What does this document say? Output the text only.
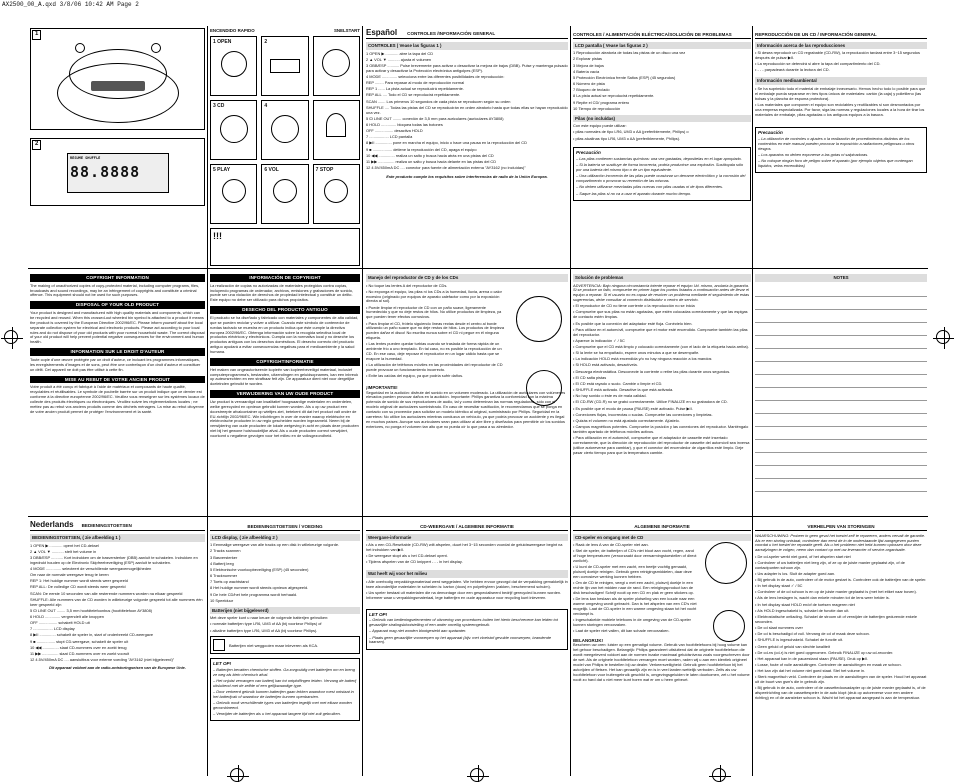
AX2500_00_A.qxd 3/8/06 10:42 AM Page 2
1
2
RESUME SHUFFLE
88.8888
ENCENDIDO RAPIDO	SNELSTART
1 OPEN	2
3 CD	4
5 PLAY	6 VOL	7 STOP
!!!
Español CONTROLES /INFORMACIÓN GENERAL
CONTROLES ( Vease las figuras 1 )
1 OPEN ▶ ............ abre la tapa del CD
2 ▲ VOL ▼ ........... ajusta el volumen
3 OBB/ESP ........... Pulse brevemente para activar o desactivar la mejora de bajos (DBB). Pulse y mantenga pulsado para activar y desactivar la Protección electrónica antigolpes (ESP).
4 MODE .............. selecciona entre las diferentes posibilidades de reproducción:
REP ........ Para repasar al modo de reproducción normal
REP 1 ...... La pista actual se reproducirá repetidamente.
REP ALL .... Todo el CD se reproducirá repetidamente.
SCAN ....... Los primeros 10 segundos de cada pista se reproducen según su orden
SHUFFLE .... Todas las pistas del CD se reproducirán en orden aleatorio hasta que todas ellas se hayan reproducido una vez.
5 ☊ LINE OUT ........ conexión de 3,5 mm para auriculares (auriculares AY3808)
6 HOLD .............. bloquea todas las botones
OFF ................. desactiva HOLD
7 .................. LCD pantalla
8 ▶II ............... pone en marcha el equipo, inicio o hace una pausa en la reproducción del CD
9 ■ .................. detiene la reproducción del CD, apaga el equipo
10 ◀◀ ............... realiza un salto y busca hacia atrás en una pistas del CD
11 ▶▶ ............... realiza un salto y busca hacia delante en las pistas del CD
12 4.5V/450mA DC .... conector para fuente de alimentación externa "AY3162 (no incluídas)"

Este producto cumple los requisitos sobre interferencias de radio de la Unión Europea.

CONTROLES / ALIMENTACIÓN ELÉCTRICA/SOLUCIÓN DE PROBLEMAS
LCD pantalla ( Vease las figuras 2 )
1 Reproducción aleatoria de todas las pistas de un disco una vez
2 Explorar pistas
3 Mejora de bajos
4 Batería vacía
5 Protección Electrónica frente Saltos (ESP) (45 segundos)
6 Número de pista
7 Bloqueo de teclado
8 La pista actual se reproducirá repetidamente.
9 Repite el CD/ programa entero
10 Tiempo de reproducción
Pilas (no incluídas)

Con este equipo puede utilizar:

• pilas normales de tipo LR6, UM3 o AA (preferiblemente, Philips) o
• pilas alcalinas tipo LR6, UM3 o AA (preferiblemente, Philips).
Precaución
– Las pilas contienen sustancias químicas: una vez gastadas, depositelas en el lugar apropiado.
– Si la batería se sustituye de forma incorrecta, podría producirse una explosión. Sustituyala sólo por una batería del mismo tipo o de un tipo equivalente.
– Una utilización incorrecta de las pilas puede ocasionar un derrame electrolítico y la corrosión del compartimento o provocar su reventón de las mismas.
– No deben utilizarse mezcladas pilas nuevas con pilas usadas ni de tipos diferentes.
– Saque las pilas si no va a usar el aparato durante mucho tiempo.
REPRODUCCIÓN DE UN CD / INFORMACIÓN GENERAL
Información acerca de las reproducciones
• Si desea reproducir un CD regrabable (CD-RW), la reproducción tardará entre 3~15 segundos después de pulsar ▶II.
• La reproducción se detendrá si abre la tapa del compartimiento del CD.
• - - - parpadeará durante la lectura del CD.
Información medioambiental
• Se ha suprimido todo el material de embalaje innecesario. Hemos hecho todo lo posible para que el embalaje pueda separarse en tres tipos únicos de materiales: cartón (la caja) y polietileno (las bolsas y la plancha de espuma protectora).
• Los materiales que componen el equipo son reciclables y reutilizables si son desmontados por una empresa especializada. Por favor, siga las normas y regulaciones locales a la hora de tirar los materiales de embalaje, pilas agotadas o los antiguos equipos a la basura.
Precaución
– La utilización de controles o ajustes o la realización de procedimientos distintos de los contenidos en este manual pueden provocar la exposición a radiaciones peligrosas u otros riesgos.
– Los aparatos no deben exponerse a las gotas ni salpicaduras.
– No coloque ningún foco de peligro sobre el aparato (por ejemplo objetos que contengan líquidos, velas encendidas)
COPYRIGHT INFORMATION

The making of unauthorized copies of copy-protected material, including computer programs, files, broadcasts and sound recordings, may be an infringement of copyrights and constitute a criminal offence. This equipment should not be used for such purposes.

DISPOSAL OF YOUR OLD PRODUCT

Your product is designed and manufactured with high quality materials and components, which can be recycled and reused. When this crossed-out wheeled bin symbol is attached to a product it means the product is covered by the European Directive 2002/96/EC. Please inform yourself about the local separate collection system for electrical and electronic products. Please act according to your local rules and do not dispose of your old products with your normal household waste. The correct disposal of your old product will help prevent potential negative consequences for the environment and human health.

INFORMATION SUR LE DROIT D'AUTEUR

Toute copie d'une œuvre protégée par un droit d'auteur, ce incluant les programmes informatiques, les enregistrements d'images et de sons, peut être une contrefaçon d'un droit d'auteur et constituer un délit. Cet appareil ne doit pas être utilisé à cette fin.

MISE AU REBUT DE VOTRE ANCIEN PRODUIT

Votre produit a été conçu et fabriqué à l'aide de matériaux et composants de haute qualité, recyclables et réutilisables. Le symbole de poubelle barrée sur un produit indique que ce dernier est conforme à la directive européenne 2002/96/EC. Veuillez vous renseigner sur les systèmes locaux de collecte des produits électriques ou électroniques. Veuillez suivre les réglementations locales ; ne mettez pas au rebut vos anciens produits comme des déchets ménagers. La mise au rebut citoyenne de votre ancien produit permet de protéger l'environnement et la santé.

INFORMACIÓN DE COPYRIGHT

La realización de copias no autorizadas de materiales protegidos contra copias, incluyendo programas de ordenador, archivos, emisiones y grabaciones de sonido, puede ser una violación de derechos de propiedad intelectual y constituir un delito. Este equipo no debe ser utilizado para dichos propósitos.

DESECHO DEL PRODUCTO ANTIGUO

El producto se ha diseñado y fabricado con materiales y componentes de alta calidad, que se pueden reciclar y volver a utilizar. Cuando este símbolo de contenedor de ruedas tachado se muestra en un producto indica que éste cumple la directiva europea 2002/96/EC. Obtenga información sobre la recogida selectiva local de productos eléctricos y electrónicos. Cumpla con la normativa local y no deseche los productos antiguos con los desechos domésticos. El desecho correcto del producto antiguo ayudará a evitar consecuencias negativas para el medioambiente y la salud humana.

COPYRIGHTINFORMATIE

Het maken van ongeautoriseerde kopieën van kopieerbeveiligd materiaal, inclusief computerprogramma's, bestanden, uitzendingen en geluidsopnames, kan een inbreuk op auteursrechten en een strafbaar feit zijn. De apparatuur dient niet voor dergelijke doeleinden gebruikt te worden.

VERWIJDERING VAN UW OUDE PRODUCT

Uw product is vervaardigd van kwalitatief hoogwaardige materialen en onderdelen, welke gerecycled en opnieuw gebruikt kunnen worden. Als u op uw product een doorstreepte afvalcontainer op wieltjes ziet, betekent dit dat het product valt onder de EU-richtlijn 2002/96/EC. Win inlichtingen in over de manier waarop elektrische en elektronische producten in uw regio gescheiden worden ingezameld. Neem bij de verwijdering van oude producten de lokale wetgeving in acht en plaats deze producten niet bij het gewone huishoudelijke afval. Als u oude producten correct verwijdert, voorkomt u negatieve gevolgen voor het milieu en de volksgezondheid.

Manejo del reproductor de CD y de los CDs
• No toque las lentes A del reproductor de CDs.
• No exponga el equipo, las pilas ni los CDs a la humedad, lluvia, arena o calor excesivo (originado por equipos de aparato calefactor como por la exposición directa al sol).
• Puede limpiar el reproductor de CD con un paño suave, ligeramente humedecido y que no deje restos de hilos. No utilice productos de limpieza, ya que pueden tener efectos corrosivos.
• Para limpiar el CD, frótelo siguiendo líneas rectas desde el centro al borde utilizando un paño suave que no deje restos de hilos. Los productos de limpieza pueden dañar el disco! No escriba nunca sobre el CD ni pegue en él ninguna etiqueta.
• Las lentes pueden quedar turbias cuando se traslada de forma rápida de un ambiente frío a uno templado. En tal caso, no es posible la reproducción de un CD. En ese caso, deje reposar el reproductor en un lugar cálido hasta que se evapore la humedad.
• La utilización de teléfonos móviles en las proximidades del reproductor de CD puede provocar un funcionamiento incorrecto.
• Evite las caídas del equipo, ya que podría sufrir daños.
¡IMPORTANTE!

Seguridad en la audición: disfrute del sonido en un volumen moderado. La utilización de auriculares con volúmenes elevados pueden provocar daños en la audición. Importante: Philips garantiza la conformidad con la máxima potencia de sonido de sus reproductores de audio, tal y como determinan las normas reguladoras, sólo con el modelo original de auriculares suministrado. En caso de necesitar sustitución, le recomendamos que se ponga en contacto con su proveedor para solicitar un modelo idéntico al original, suministrado por Philips. Seguridad en la carretera: No utilice los auriculares mientras conduzca un vehículo, ya que podría provocar un accidente y es ilegal en muchos países. Aunque sus auriculares sean para utilizar al aire libre y diseñados para permitirle oír los sonidos exteriores, no ponga el volumen tan alto que no pueda oír lo que pasa a su alrededor.

Solución de problemas

ADVERTENCIA: Bajo ninguna circunstancia intente reparar el equipo Ud. mismo, anularía la garantía. Si se produce un fallo, compruebe en primer lugar los puntos listados a continuación antes de llevar el equipo a reparar. Si el usuario no es capaz de resolver un problema mediante el seguimiento de estas sugerencias, debe consultar al comercio distribuidor o centro de servicio.

• El reproductor de CD no tiene corriente o la reproducción no se inicia
• Compruebe que sus pilas no están agotadas, que estén colocadas correctamente y que las espigas de contacto estén limpias.
• Es posible que la conexión del adaptador esté floja. Conéctelo bien.
• Para utilizar en el automóvil, compruebe que el motor esté encendido. Compruebe también las pilas del reproductor.
• Aparece la indicación ✓ / 5C
• Compruebe que el CD está limpio y colocado correctamente (con el lado de la etiqueta hacia arriba).
• Si la lente se ha empañado, espere unos minutos a que se desempañe.
• La indicación HOLD está encendida y/o no hay ninguna reacción a los mandos
• Si HOLD está activado, desactívela.
• Descarga electrostática. Desconecte la corriente o retire las pilas durante unos segundos.
• El CD salta pistas
• El CD está rayado o sucio. Cambie o limpie el CD.
• SHUFFLE está activado. Desactive la que está activada.
• No hay sonido o éste es de mala calidad.
• El CD-RW (CD-R) no se grabó correctamente. Utilice FINALIZE en su grabadora de CD.
• Es posible que el modo de pausa (PAUSE) esté activado. Pulse ▶II.
• Conexiones flojas, incorrectas o sucias. Compruebe las conexiones y límpielas.
• Quizás el volumen no está ajustado correctamente. Ajústelo.
• Campos magnéticos potentes. Compruebe la posición y las conexiones del reproductor. Manténgalo también apartado de teléfonos móviles activos.
• Para utilización en el automóvil, compruebe que el adaptador de cassette esté insertado correctamente, que la dirección de reproducción del reproductor de cassette del automóvil sea inversa (utilice autoreverse para cambiar), y que el conector del encendedor de cigarrillos esté limpio. Deje pasar cierto tiempo para que la temperatura cambie.
NOTES
Nederlands BEDIENINGSTOETSEN
BEDIENINGSTOETSEN, ( zie afbeelding 1 )
1 OPEN ▶ ............ opent het CD-deksel
2 ▲ VOL ▼ ........... stelt het volume in
3 DBB/ESP ........... Kort indrukken om de basversterker (DBB) aan/uit te schakelen. Indrukken en ingedrukt houden op de Electronic Skipfreebeveiliging (ESP) aan/uit te schakelen.
4 MODE .............. selecteert de verschillende weergavemogelijkheden
Om naar de normale weergave terug te keren
REP 1: Het huidige nummer wordt steeds weer gespeeld
REP ALL: De volledige CD wordt steeds weer gespeeld
SCAN: De eerste 10 seconden van alle resterende nummers worden na elkaar gespeeld
SHUFFLE: Alle nummers van de CD worden in willekeurige volgorde gespeeld tot alle nummers één keer gespeeld zijn
5 ☊ LINE OUT ........ 3,5 mm hoofdtelefoonbus (hoofdtelefoon AY3808)
6 HOLD .............. vergrendelt alle knoppen
OFF ................. schakelt HOLD uit
7 .................. LCD display
8 ▶II ............... schakelt de speler in, start of onderbreekt CD-weergave
9 ■ ................. stopt CD-weergave, schakelt de speler uit
10 ◀◀ ............... slaat CD-nummers over en zoekt terug
11 ▶▶ ............... slaat CD-nummers over en zoekt vooruit
12 4.5V/450mA DC .... aansluitbus voor externe voeding "AY3162 (niet bijgeleverd)"

Dit apparaat voldoet aan de radio-ontstoringseisen van de Europese Unie.

BEDIENINGSTOETSEN / VOEDING
LCD display, ( zie afbeelding 2 )
1 Eenmalige weergave van alle tracks op een disk in willekeurige volgorde.
2 Tracks scannen
3 Basversterker
4 Batterij leeg
5 Elektronische voorloopbeveiliging (ESP) (45 seconden)
6 Tracknummer
7 Toets op wachtstand
8 Het huidige nummer wordt steeds opnieuw afgespeeld.
9 De hele CD/het hele programma wordt herhaald.
10 Speelduur
Batterijen (niet bijgeleverd)

Met deze speler kunt u naar keuze de volgende batterijen gebruiken:

• normale batterijen type LR6, UM3 of AA (bij voorkeur Philips) of
• alkaline batterijen type LR6, UM3 of AA (bij voorkeur Philips).
Batterijen niet weggooien maar inleveren als KCA.
LET OP!
– Batterijen bevatten chemische stoffen. Ga zorgvuldig met batterijen om en breng ze weg als klein chemisch afval.
– Het onjuist vervangen van batterij kan tot ontploffingen leiden. Vervang de batterij uitsluitend met de zelfde of een gelijkwaardige type.
– Door verkeerd gebruik kunnen batterijen gaan lekken waardoor roest ontstaat in het batterijvak of waardoor de batterijen kunnen openbarsten.
– Gebruik nooit verschillende types van batterijen tegelijk met met elkaar worden gecombineerd.
– Verwijder de batterijen als u het apparaat langere tijd niet zult gebruiken.
CD-WEERGAVE / ALGEMENE INFORMATIE
Weergave-informatie
• Als u een CD-Rewritable (CD-RW) wilt afspelen, duurt het 3~15 seconden voordat de geluidsweergave begint na het indrukken van ▶II.
• De weergave stopt als u het CD-deksel opent.
• Tijdens afspelen van de CD knippert - - - in het display.
Wat heeft wij voor het milieu
• Alle overbodig verpakkingsmateriaal werd weggelaten. We hebben ervoor gezorgd dat de verpakking gemakkelijk in twee afzonderlijke materialen te scheiden is: karton (doos) en polyethyleen (zakken, beschermend schuim).
• Uw speler bestaat uit materialen die na demontage door een gespecialiseerd bedrijf gerecycled kunnen worden. Informeer waar u verpakkingsmateriaal, lege batterijen en oude apparatuur voor recycling kunt inleveren.
LET OP!
– Gebruik van bedieningselementen of uitvoering van procedures buiten het hierin beschrevene kan leiden tot gevaarlijke stralingsblootstelling of een ander onveilig systeemgebruik.
– Apparaat mag niet worden blootgesteld aan spatwater.
– Plaats geen gevaarlijke voorwerpen op het apparaat (bijv. met vloeistof gevulde voorwerpen, brandende kaarsen).
ALGEMENE INFORMATIE
CD-speler en omgang met de CD
• Raak de lens A van de CD-speler niet aan.
• Stel de speler, de batterijen of CD's niet bloot aan vocht, regen, zand of hoge temperaturen (veroorzaakt door verwarmingstoestellen of direct zonlicht).
• U kunt de CD-speler met een zacht, een beetje vochtig gemaakt, pluisvrij doekje reinigen. Gebruik geen reinigingsmiddelen, daar deze een corrosieve werking kunnen hebben.
• Om de CD te reinigen, veegt u met een zacht, pluisvrij doekje in een rechte lijn van het midden naar de rand. Een reinigingsproduct kan de disk beschadigen! Schrijf nooit op een CD en plak er geen stickers op.
• De lens kan beslaan als de speler plotseling van een koude naar een warme omgeving wordt gebracht. Dan is het afspelen van een CD's niet mogelijk. Laat de CD-speler in een warme omgeving staan tot het vocht verdampt is.
• Ingeschakelde mobiele telefoons in de omgeving van de CD-speler kunnen storingen veroorzaken.
• Laat de speler niet vallen, dit kan schade veroorzaken.
BELANGRIJK!

Bescherm uw oren: luister op een gematigd volume. Gebruik van hoofdtelefoons bij hoog volume kan het gehoor beschadigen. Belangrijk: Philips garandeert uitsluitend dat de originele hoofdtelefoon die wordt meegeleverd voldoet aan de normen inzake maximaal geluidsniveau zoals voorgeschreven door de wet. Als de originele hoofdtelefoon vervangen moet worden, raden wij u aan een identiek origineel model van Philips te bestellen bij uw dealer. Verkeersveiligheid: Gebruik geen hoofdtelefoon bij het autorijden of fietsen. Het kan gevaarlijk zijn en is in veel landen wettelijk verboden. Zelfs als uw hoofdtelefoon voor buitengebruik geschikt is, omgevingsgeluiden te laten doorkomen, zet u het volume nooit zo hard dat u niet meer kunt horen wat er om u heen gebeurt.

VERHELPEN VAN STORINGEN

WAARSCHUWING: Probeer in geen geval het toestel zelf te repareren, anders vervalt de garantie. Als er een storing ontstaat, controleer dan eerst de in de onderstaande lijst aangegeven punten voordat u het toestel ter reparatie geeft. Als u het probleem niet hebt kunnen oplossen door deze aanwijzingen te volgen, neem dan contact op met uw leverancier of service-organisatie.

• De cd-speler werkt niet goed, of het afspelen start niet
• Controleer of uw batterijen niet leeg zijn, of ze op de juiste manier geplaatst zijn, of de contactpunten schoon zijn.
• Uw adapter is los. Sluit de adapter goed aan.
• Bij gebruik in de auto, controleer of de motor gestart is. Controleer ook de batterijen van de speler.
• In het display staat ✓ / 5C
• Controleer of de cd schoon is en op de juiste manier geplaatst is (met het etiket naar boven).
• Als de lens beslagen is, wacht dan enkele minuten tot de lens weer helder is.
• In het display staat HOLD en/of de toetsen reageren niet
• Als HOLD ingeschakeld is, schakel de functie dan uit.
• Elektrostatische ontlading. Schakel de stroom uit of verwijder de batterijen gedurende enkele seconden.
• De cd slaat nummers over
• De cd is beschadigd of vuil. Vervang de cd of maak deze schoon.
• SHUFFLE is ingeschakeld. Schakel de functie uit.
• Geen geluid of geluid van slechte kwaliteit
• De cd-rw (cd-r) is niet goed opgenomen. Gebruik FINALIZE op uw cd-recorder.
• Het apparaat kan in de pauzestand staan (PAUSE). Druk op ▶II.
• Losse, foute of vuile aansluitingen. Controleer de aansluitingen en maak ze schoon.
• Het kan zijn dat het volume niet goed staat. Stel het volume in.
• Sterk magnetisch veld. Controleer de plaats en de aansluitingen van de speler. Houd het apparaat uit de buurt van gsm's die in gebruik zijn.
• Bij gebruik in de auto, controleer of de cassettedoosadapter op de juiste manier geplaatst is, of de afspeelrichting van de cassettespeler in de auto klopt (druk op autoreverse voor een andere richting) en of de aansteker schoon is. Wacht tot het apparaat aangepast is aan de temperatuur.
